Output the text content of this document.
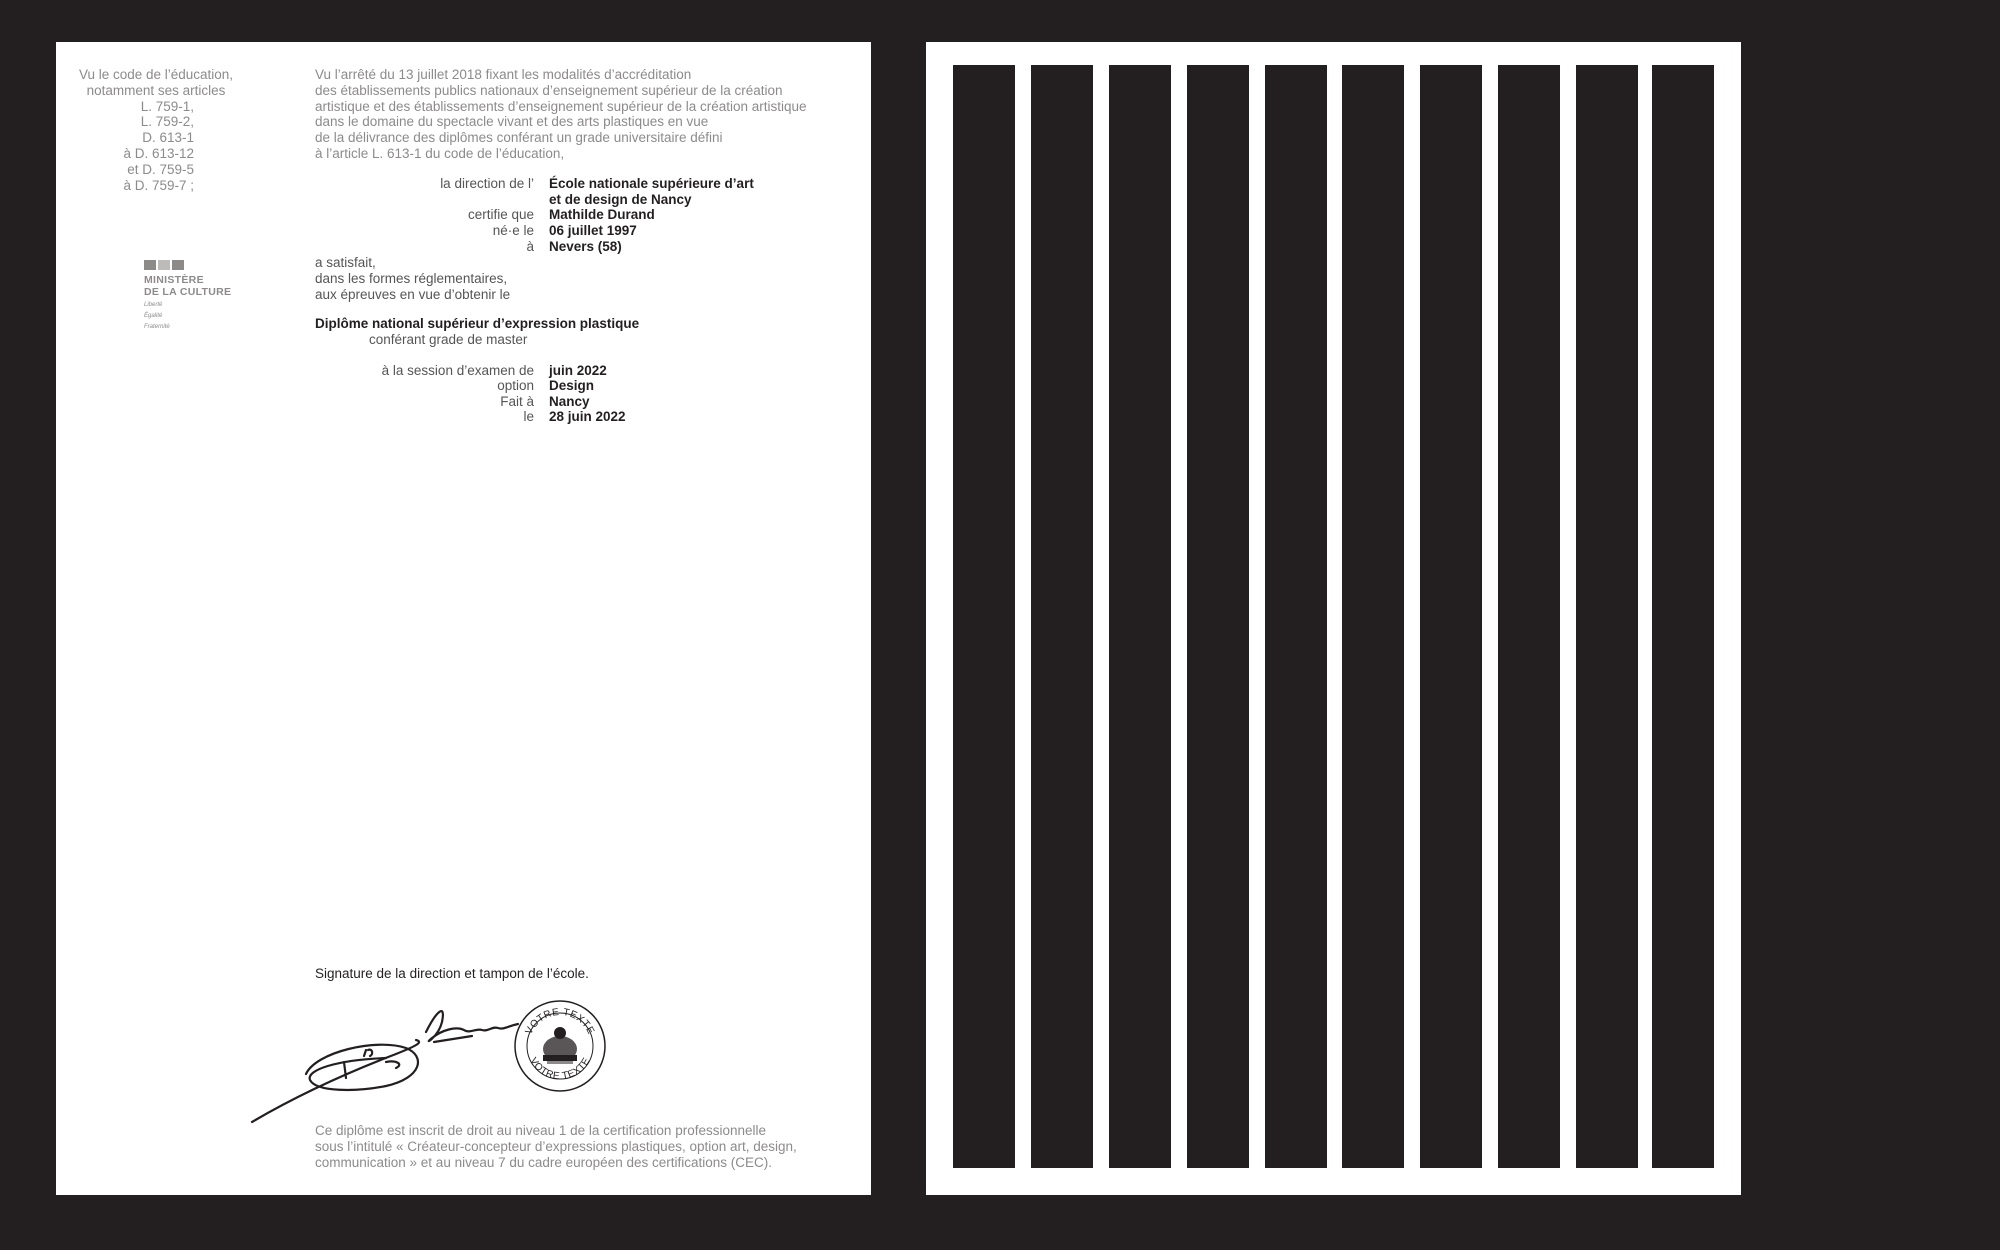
Vu le code de l’éducation,
notamment ses articles
L. 759-1,
L. 759-2,
D. 613-1
à D. 613-12
et D. 759-5
à D. 759-7 ;
Vu l’arrêté du 13 juillet 2018 fixant les modalités d’accréditation
des établissements publics nationaux d’enseignement supérieur de la création
artistique et des établissements d’enseignement supérieur de la création artistique
dans le domaine du spectacle vivant et des arts plastiques en vue
de la délivrance des diplômes conférant un grade universitaire défini
à l’article L. 613-1 du code de l’éducation,
la direction de l’
certifie que
né·e le
à
École nationale supérieure d’art
et de design de Nancy
Mathilde Durand
06 juillet 1997
Nevers (58)
MINISTÈRE
DE LA CULTURE
Liberté
Égalité
Fraternité
a satisfait,
dans les formes réglementaires,
aux épreuves en vue d’obtenir le
Diplôme national supérieur d’expression plastique
conférant grade de master
à la session d’examen de
option
Fait à
le
juin 2022
Design
Nancy
28 juin 2022
Signature de la direction et tampon de l’école.
VOTRE TEXTE
VOTRE TEXTE
Ce diplôme est inscrit de droit au niveau 1 de la certification professionnelle
sous l’intitulé « Créateur-concepteur d’expressions plastiques, option art, design,
communication » et au niveau 7 du cadre européen des certifications (CEC).
